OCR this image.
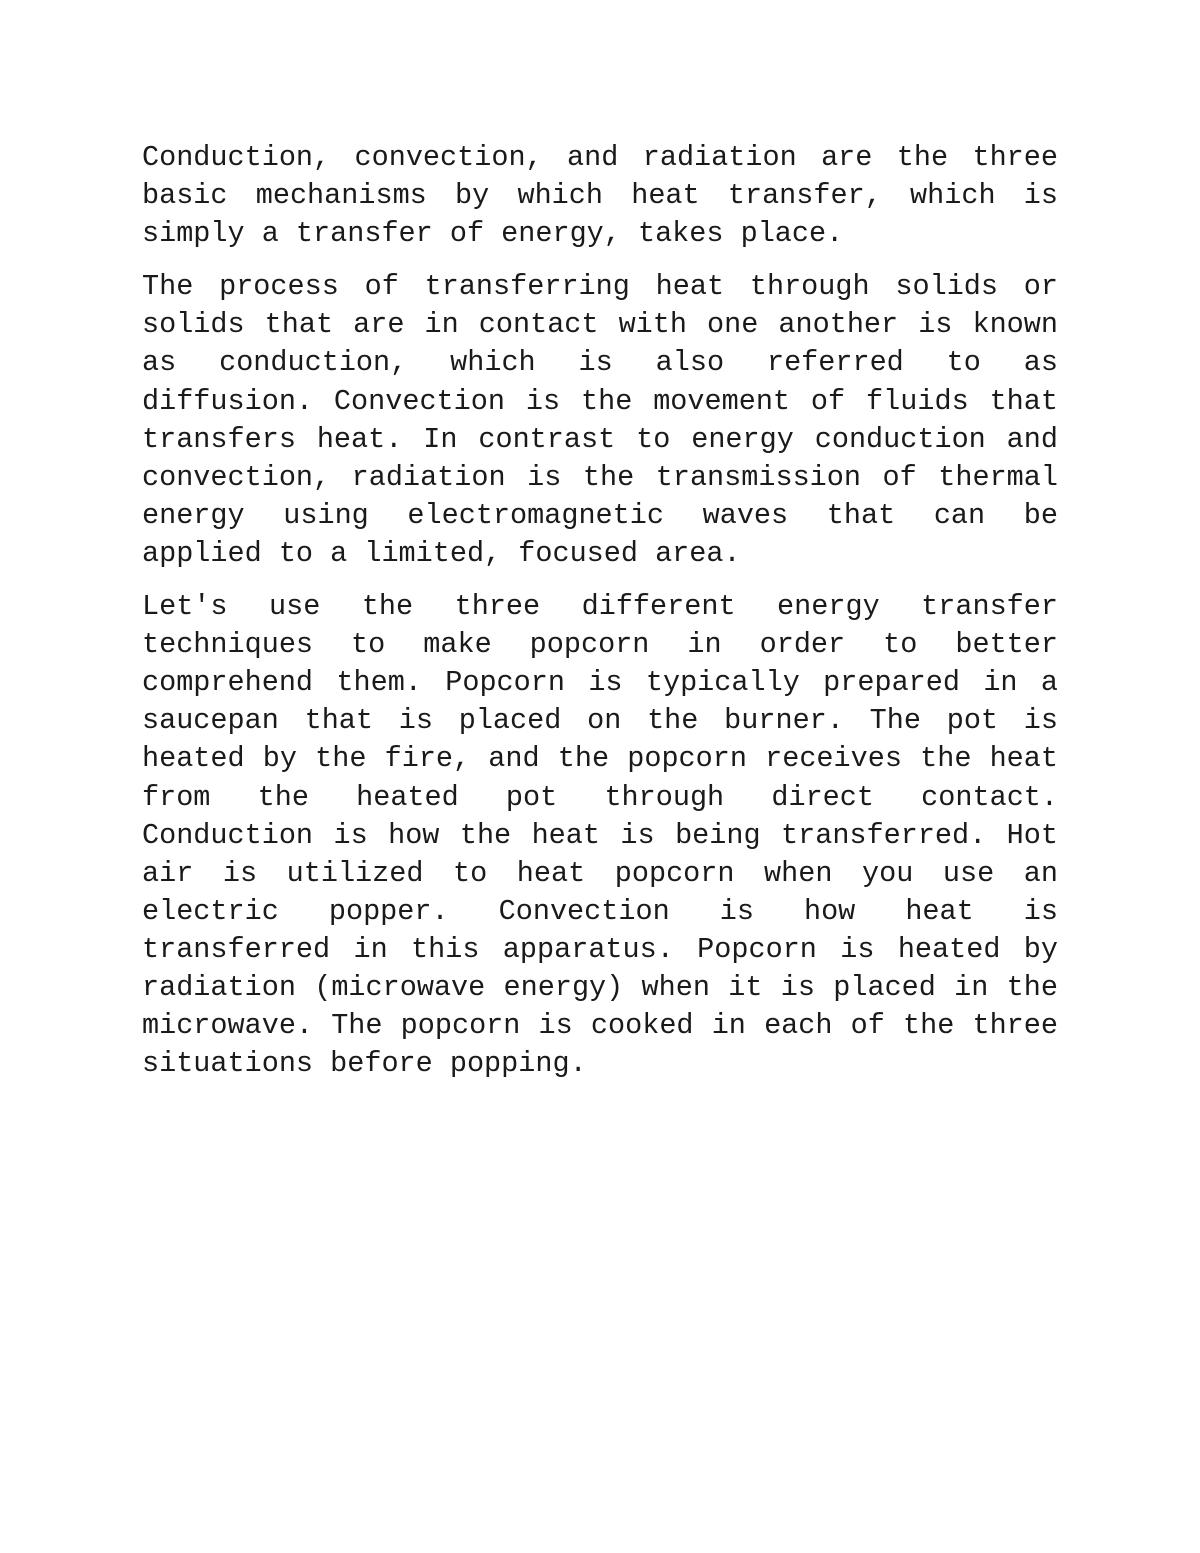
Conduction, convection, and radiation are the three basic mechanisms by which heat transfer, which is simply a transfer of energy, takes place.

The process of transferring heat through solids or solids that are in contact with one another is known as conduction, which is also referred to as diffusion. Convection is the movement of fluids that transfers heat. In contrast to energy conduction and convection, radiation is the transmission of thermal energy using electromagnetic waves that can be applied to a limited, focused area.

Let's use the three different energy transfer techniques to make popcorn in order to better comprehend them. Popcorn is typically prepared in a saucepan that is placed on the burner. The pot is heated by the fire, and the popcorn receives the heat from the heated pot through direct contact. Conduction is how the heat is being transferred. Hot air is utilized to heat popcorn when you use an electric popper. Convection is how heat is transferred in this apparatus. Popcorn is heated by radiation (microwave energy) when it is placed in the microwave. The popcorn is cooked in each of the three situations before popping.
